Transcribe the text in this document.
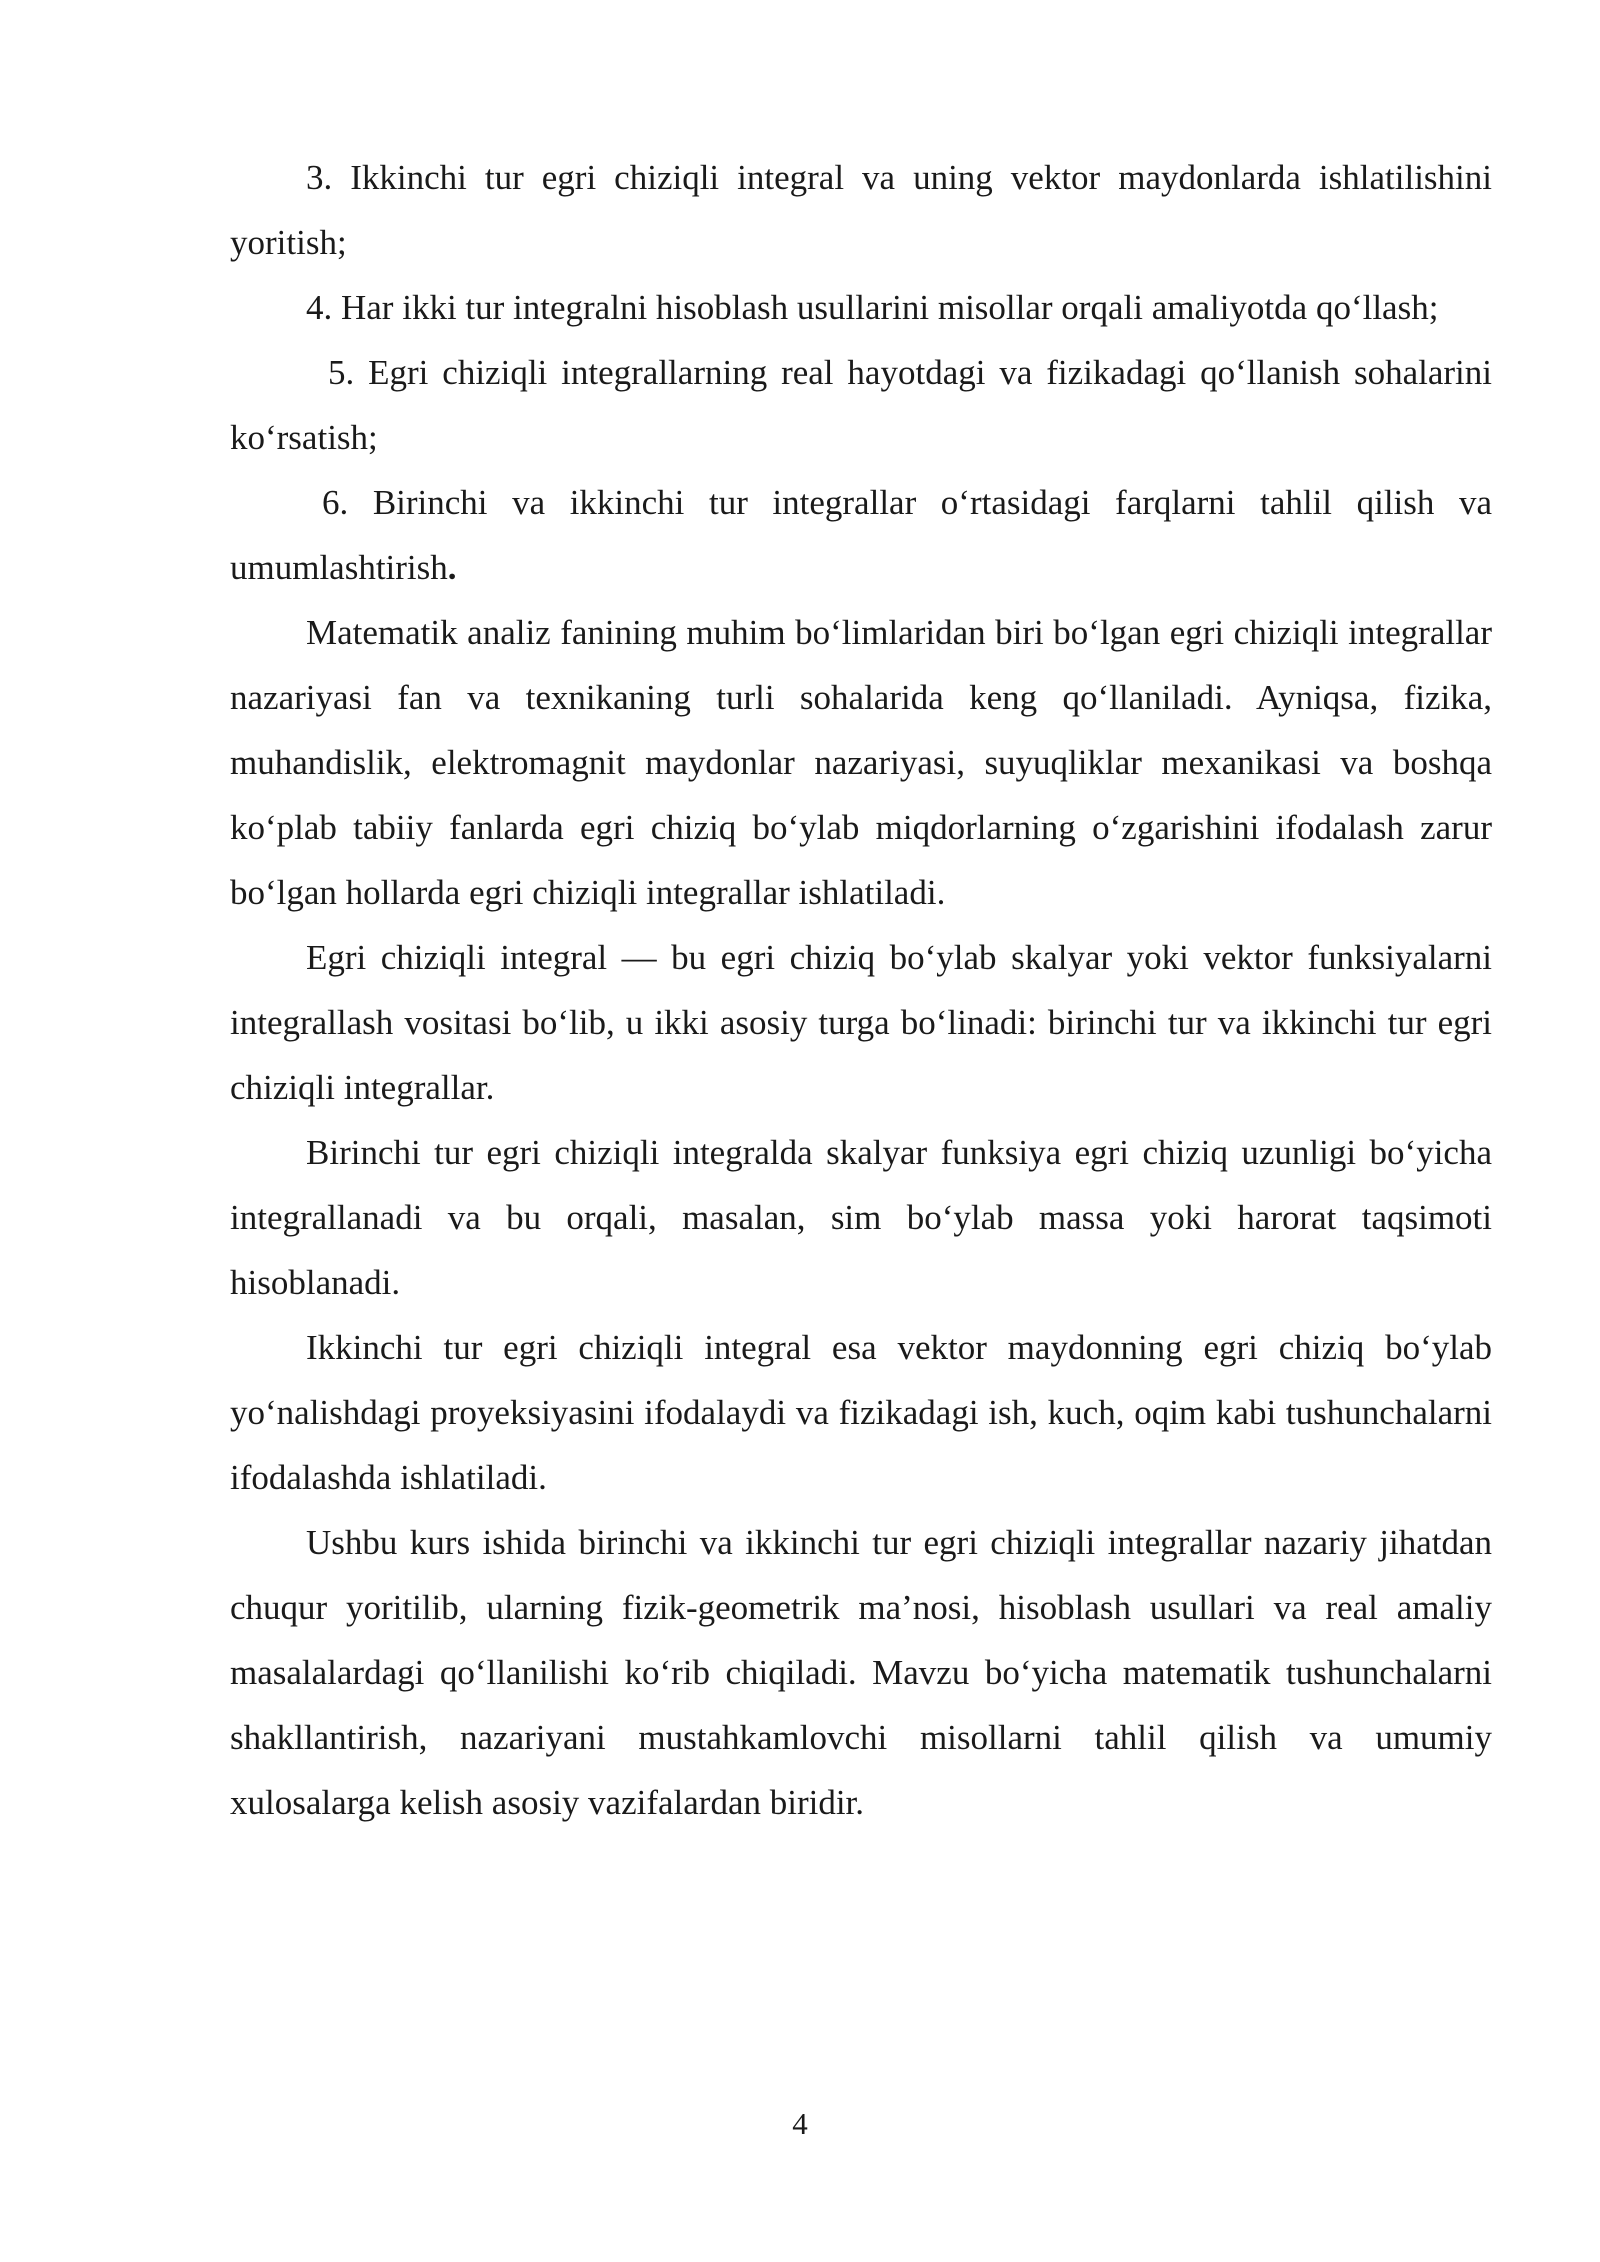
3. Ikkinchi tur egri chiziqli integral va uning vektor maydonlarda ishlatilishini yoritish;

4. Har ikki tur integralni hisoblash usullarini misollar orqali amaliyotda qo‘llash;

5. Egri chiziqli integrallarning real hayotdagi va fizikadagi qo‘llanish sohalarini ko‘rsatish;

6. Birinchi va ikkinchi tur integrallar o‘rtasidagi farqlarni tahlil qilish va umumlashtirish.

Matematik analiz fanining muhim bo‘limlaridan biri bo‘lgan egri chiziqli integrallar nazariyasi fan va texnikaning turli sohalarida keng qo‘llaniladi. Ayniqsa, fizika, muhandislik, elektromagnit maydonlar nazariyasi, suyuqliklar mexanikasi va boshqa ko‘plab tabiiy fanlarda egri chiziq bo‘ylab miqdorlarning o‘zgarishini ifodalash zarur bo‘lgan hollarda egri chiziqli integrallar ishlatiladi.

Egri chiziqli integral — bu egri chiziq bo‘ylab skalyar yoki vektor funksiyalarni integrallash vositasi bo‘lib, u ikki asosiy turga bo‘linadi: birinchi tur va ikkinchi tur egri chiziqli integrallar.

Birinchi tur egri chiziqli integralda skalyar funksiya egri chiziq uzunligi bo‘yicha integrallanadi va bu orqali, masalan, sim bo‘ylab massa yoki harorat taqsimoti hisoblanadi.

Ikkinchi tur egri chiziqli integral esa vektor maydonning egri chiziq bo‘ylab yo‘nalishdagi proyeksiyasini ifodalaydi va fizikadagi ish, kuch, oqim kabi tushunchalarni ifodalashda ishlatiladi.

Ushbu kurs ishida birinchi va ikkinchi tur egri chiziqli integrallar nazariy jihatdan chuqur yoritilib, ularning fizik-geometrik ma’nosi, hisoblash usullari va real amaliy masalalardagi qo‘llanilishi ko‘rib chiqiladi. Mavzu bo‘yicha matematik tushunchalarni shakllantirish, nazariyani mustahkamlovchi misollarni tahlil qilish va umumiy xulosalarga kelish asosiy vazifalardan biridir.

4
